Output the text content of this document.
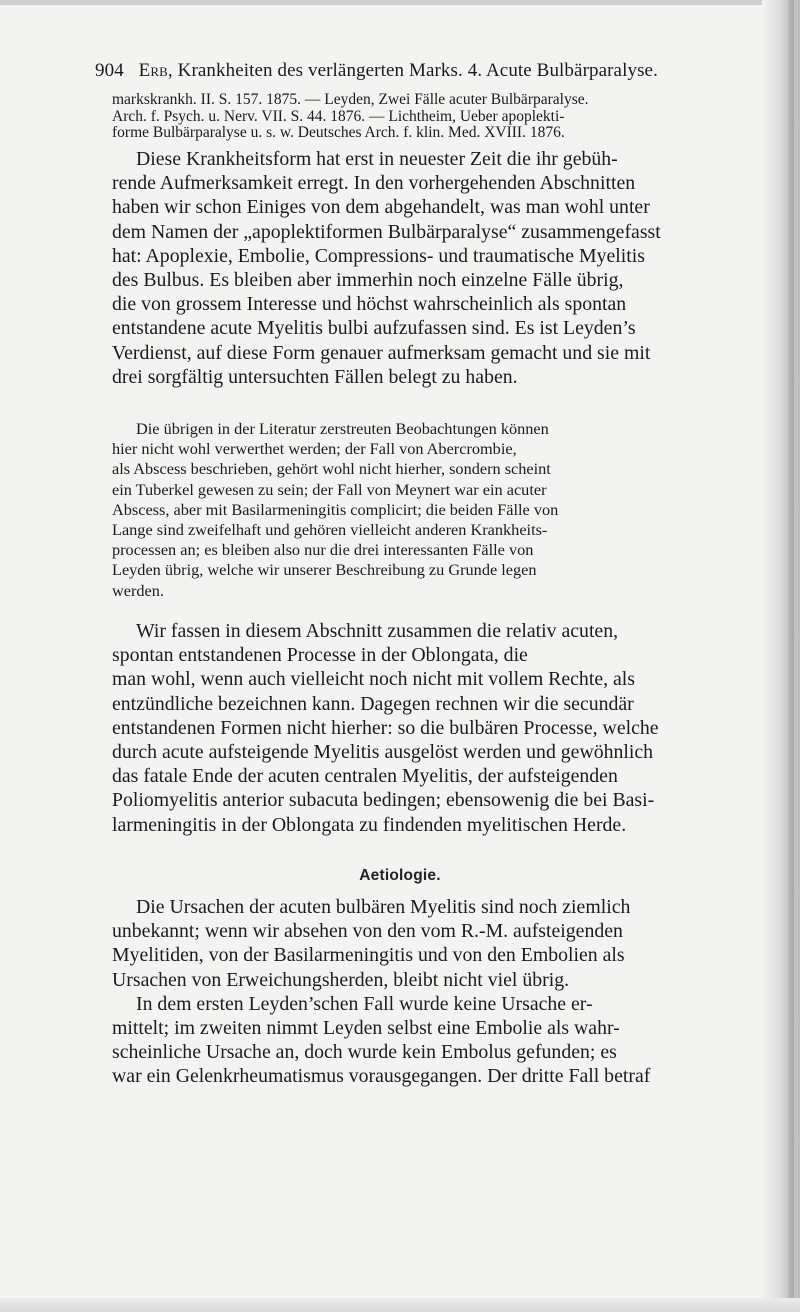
904 Erb, Krankheiten des verlängerten Marks. 4. Acute Bulbärparalyse.
markskrankh. II. S. 157. 1875. — Leyden, Zwei Fälle acuter Bulbärparalyse.
Arch. f. Psych. u. Nerv. VII. S. 44. 1876. — Lichtheim, Ueber apoplekti-
forme Bulbärparalyse u. s. w. Deutsches Arch. f. klin. Med. XVIII. 1876.
Diese Krankheitsform hat erst in neuester Zeit die ihr gebüh-
rende Aufmerksamkeit erregt. In den vorhergehenden Abschnitten
haben wir schon Einiges von dem abgehandelt, was man wohl unter
dem Namen der „apoplektiformen Bulbärparalyse“ zusammengefasst
hat: Apoplexie, Embolie, Compressions- und traumatische Myelitis
des Bulbus. Es bleiben aber immerhin noch einzelne Fälle übrig,
die von grossem Interesse und höchst wahrscheinlich als spontan
entstandene acute Myelitis bulbi aufzufassen sind. Es ist Leyden’s
Verdienst, auf diese Form genauer aufmerksam gemacht und sie mit
drei sorgfältig untersuchten Fällen belegt zu haben.
Die übrigen in der Literatur zerstreuten Beobachtungen können
hier nicht wohl verwerthet werden; der Fall von Abercrombie,
als Abscess beschrieben, gehört wohl nicht hierher, sondern scheint
ein Tuberkel gewesen zu sein; der Fall von Meynert war ein acuter
Abscess, aber mit Basilarmeningitis complicirt; die beiden Fälle von
Lange sind zweifelhaft und gehören vielleicht anderen Krankheits-
processen an; es bleiben also nur die drei interessanten Fälle von
Leyden übrig, welche wir unserer Beschreibung zu Grunde legen
werden.
Wir fassen in diesem Abschnitt zusammen die relativ acuten,
spontan entstandenen Processe in der Oblongata, die
man wohl, wenn auch vielleicht noch nicht mit vollem Rechte, als
entzündliche bezeichnen kann. Dagegen rechnen wir die secundär
entstandenen Formen nicht hierher: so die bulbären Processe, welche
durch acute aufsteigende Myelitis ausgelöst werden und gewöhnlich
das fatale Ende der acuten centralen Myelitis, der aufsteigenden
Poliomyelitis anterior subacuta bedingen; ebensowenig die bei Basi-
larmeningitis in der Oblongata zu findenden myelitischen Herde.
Aetiologie.
Die Ursachen der acuten bulbären Myelitis sind noch ziemlich
unbekannt; wenn wir absehen von den vom R.-M. aufsteigenden
Myelitiden, von der Basilarmeningitis und von den Embolien als
Ursachen von Erweichungsherden, bleibt nicht viel übrig.
In dem ersten Leyden’schen Fall wurde keine Ursache er-
mittelt; im zweiten nimmt Leyden selbst eine Embolie als wahr-
scheinliche Ursache an, doch wurde kein Embolus gefunden; es
war ein Gelenkrheumatismus vorausgegangen. Der dritte Fall betraf
